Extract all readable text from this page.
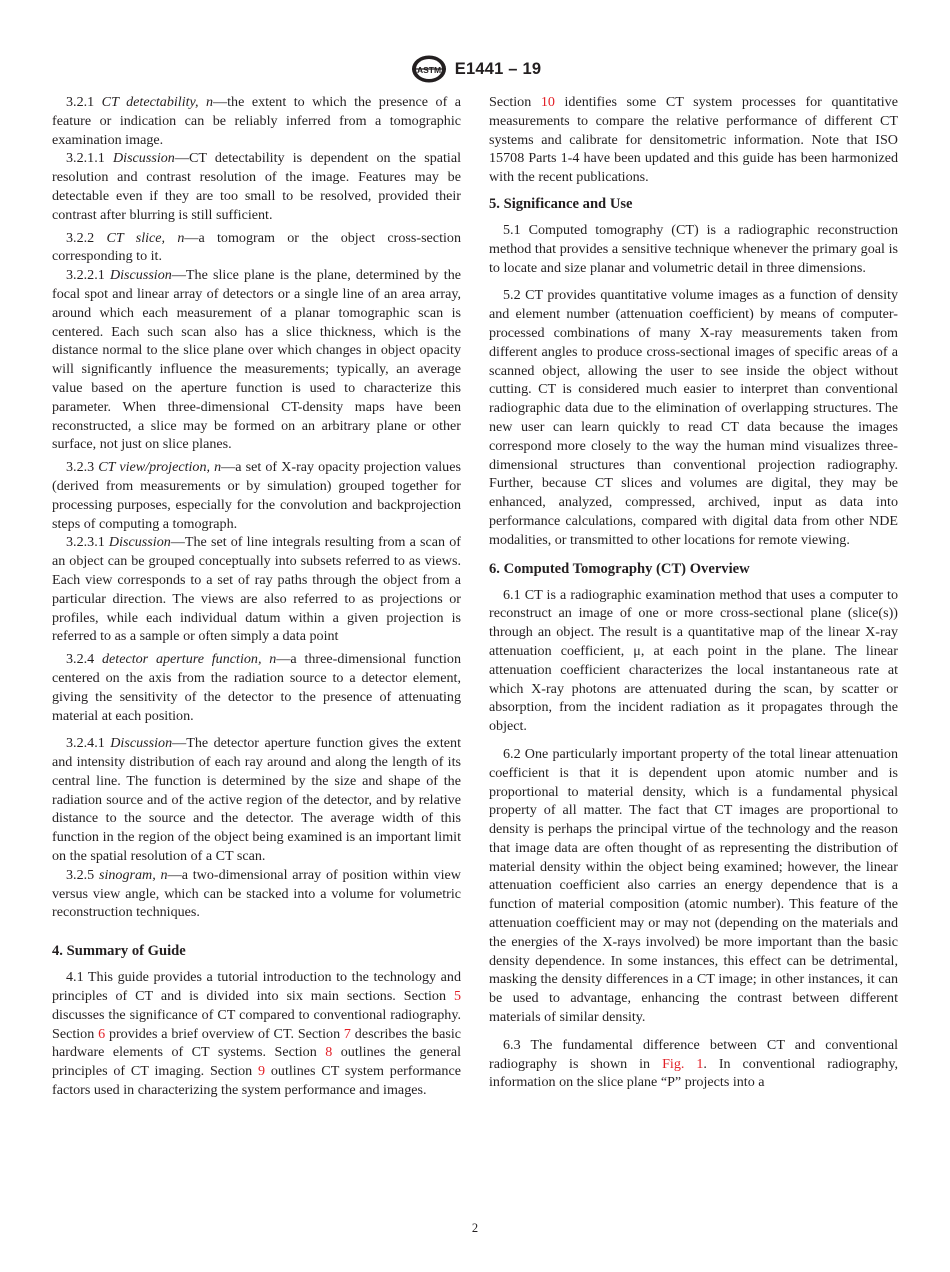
ASTM E1441 – 19

3.2.1 CT detectability, n—the extent to which the presence of a feature or indication can be reliably inferred from a tomographic examination image.

3.2.1.1 Discussion—CT detectability is dependent on the spatial resolution and contrast resolution of the image. Features may be detectable even if they are too small to be resolved, provided their contrast after blurring is still sufficient.

3.2.2 CT slice, n—a tomogram or the object cross-section corresponding to it.

3.2.2.1 Discussion—The slice plane is the plane, determined by the focal spot and linear array of detectors or a single line of an area array, around which each measurement of a planar tomographic scan is centered. Each such scan also has a slice thickness, which is the distance normal to the slice plane over which changes in object opacity will significantly influence the measurements; typically, an average value based on the aperture function is used to characterize this parameter. When three-dimensional CT-density maps have been reconstructed, a slice may be formed on an arbitrary plane or other surface, not just on slice planes.

3.2.3 CT view/projection, n—a set of X-ray opacity projection values (derived from measurements or by simulation) grouped together for processing purposes, especially for the convolution and backprojection steps of computing a tomograph.

3.2.3.1 Discussion—The set of line integrals resulting from a scan of an object can be grouped conceptually into subsets referred to as views. Each view corresponds to a set of ray paths through the object from a particular direction. The views are also referred to as projections or profiles, while each individual datum within a given projection is referred to as a sample or often simply a data point

3.2.4 detector aperture function, n—a three-dimensional function centered on the axis from the radiation source to a detector element, giving the sensitivity of the detector to the presence of attenuating material at each position.

3.2.4.1 Discussion—The detector aperture function gives the extent and intensity distribution of each ray around and along the length of its central line. The function is determined by the size and shape of the radiation source and of the active region of the detector, and by relative distance to the source and the detector. The average width of this function in the region of the object being examined is an important limit on the spatial resolution of a CT scan.

3.2.5 sinogram, n—a two-dimensional array of position within view versus view angle, which can be stacked into a volume for volumetric reconstruction techniques.

4. Summary of Guide

4.1 This guide provides a tutorial introduction to the technology and principles of CT and is divided into six main sections. Section 5 discusses the significance of CT compared to conventional radiography. Section 6 provides a brief overview of CT. Section 7 describes the basic hardware elements of CT systems. Section 8 outlines the general principles of CT imaging. Section 9 outlines CT system performance factors used in characterizing the system performance and images.

Section 10 identifies some CT system processes for quantitative measurements to compare the relative performance of different CT systems and calibrate for densitometric information. Note that ISO 15708 Parts 1-4 have been updated and this guide has been harmonized with the recent publications.

5. Significance and Use

5.1 Computed tomography (CT) is a radiographic reconstruction method that provides a sensitive technique whenever the primary goal is to locate and size planar and volumetric detail in three dimensions.

5.2 CT provides quantitative volume images as a function of density and element number (attenuation coefficient) by means of computer-processed combinations of many X-ray measurements taken from different angles to produce cross-sectional images of specific areas of a scanned object, allowing the user to see inside the object without cutting. CT is considered much easier to interpret than conventional radiographic data due to the elimination of overlapping structures. The new user can learn quickly to read CT data because the images correspond more closely to the way the human mind visualizes three-dimensional structures than conventional projection radiography. Further, because CT slices and volumes are digital, they may be enhanced, analyzed, compressed, archived, input as data into performance calculations, compared with digital data from other NDE modalities, or transmitted to other locations for remote viewing.

6. Computed Tomography (CT) Overview

6.1 CT is a radiographic examination method that uses a computer to reconstruct an image of one or more cross-sectional plane (slice(s)) through an object. The result is a quantitative map of the linear X-ray attenuation coefficient, μ, at each point in the plane. The linear attenuation coefficient characterizes the local instantaneous rate at which X-ray photons are attenuated during the scan, by scatter or absorption, from the incident radiation as it propagates through the object.

6.2 One particularly important property of the total linear attenuation coefficient is that it is dependent upon atomic number and is proportional to material density, which is a fundamental physical property of all matter. The fact that CT images are proportional to density is perhaps the principal virtue of the technology and the reason that image data are often thought of as representing the distribution of material density within the object being examined; however, the linear attenuation coefficient also carries an energy dependence that is a function of material composition (atomic number). This feature of the attenuation coefficient may or may not (depending on the materials and the energies of the X-rays involved) be more important than the basic density dependence. In some instances, this effect can be detrimental, masking the density differences in a CT image; in other instances, it can be used to advantage, enhancing the contrast between different materials of similar density.

6.3 The fundamental difference between CT and conventional radiography is shown in Fig. 1. In conventional radiography, information on the slice plane “P” projects into a

2
